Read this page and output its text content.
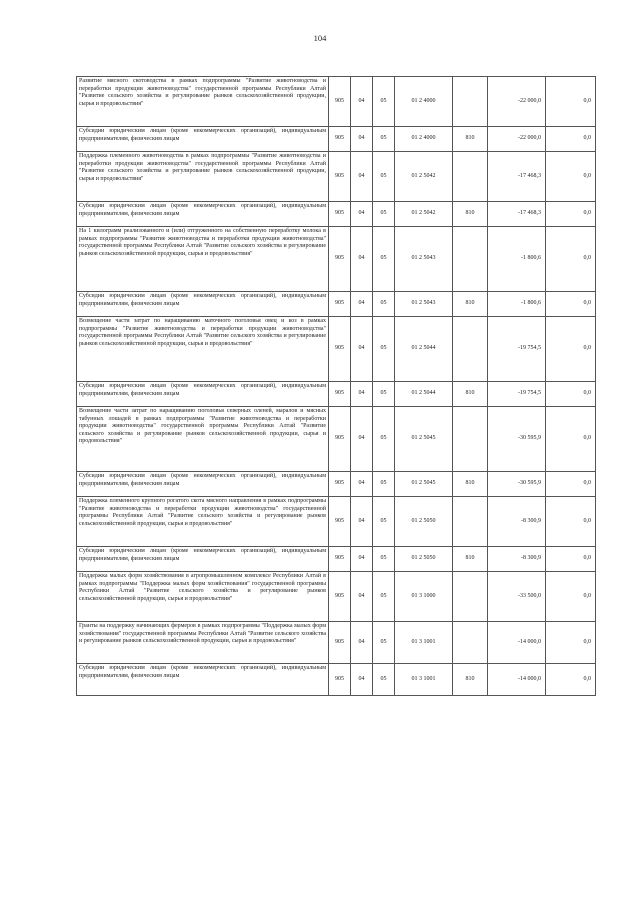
104
Развитие мясного скотоводства в рамках подпрограммы "Развитие животноводства и переработки продукции животноводства" государственной программы Республики Алтай "Развитие сельского хозяйства и регулирование рынков сельскохозяйственной продукции, сырья и продовольствия"	905	04	05	01 2 4000		-22 000,0	0,0
Субсидии юридическим лицам (кроме некоммерческих организаций), индивидуальным предпринимателям, физическим лицам	905	04	05	01 2 4000	810	-22 000,0	0,0
Поддержка племенного животноводства в рамках подпрограммы "Развитие животноводства и переработки продукции животноводства" государственной программы Республики Алтай "Развитие сельского хозяйства и регулирование рынков сельскохозяйственной продукции, сырья и продовольствия"	905	04	05	01 2 5042		-17 468,3	0,0
Субсидии юридическим лицам (кроме некоммерческих организаций), индивидуальным предпринимателям, физическим лицам	905	04	05	01 2 5042	810	-17 468,3	0,0
На 1 килограмм реализованного и (или) отгруженного на собственную переработку молока в рамках подпрограммы "Развитие животноводства и переработки продукции животноводства" государственной программы Республики Алтай "Развитие сельского хозяйства и регулирование рынков сельскохозяйственной продукции, сырья и продовольствия"	905	04	05	01 2 5043		-1 800,6	0,0
Субсидии юридическим лицам (кроме некоммерческих организаций), индивидуальным предпринимателям, физическим лицам	905	04	05	01 2 5043	810	-1 800,6	0,0
Возмещение части затрат по наращиванию маточного поголовья овец и коз в рамках подпрограммы "Развитие животноводства и переработки продукции животноводства" государственной программы Республики Алтай "Развитие сельского хозяйства и регулирование рынков сельскохозяйственной продукции, сырья и продовольствия"	905	04	05	01 2 5044		-19 754,5	0,0
Субсидии юридическим лицам (кроме некоммерческих организаций), индивидуальным предпринимателям, физическим лицам	905	04	05	01 2 5044	810	-19 754,5	0,0
Возмещение части затрат по наращиванию поголовья северных оленей, маралов и мясных табунных лошадей в рамках подпрограммы "Развитие животноводства и переработки продукции животноводства" государственной программы Республики Алтай "Развитие сельского хозяйства и регулирование рынков сельскохозяйственной продукции, сырья и продовольствия"	905	04	05	01 2 5045		-30 595,9	0,0
Субсидии юридическим лицам (кроме некоммерческих организаций), индивидуальным предпринимателям, физическим лицам	905	04	05	01 2 5045	810	-30 595,9	0,0
Поддержка племенного крупного рогатого скота мясного направления в рамках подпрограммы "Развитие животноводства и переработки продукции животноводства" государственной программы Республики Алтай "Развитие сельского хозяйства и регулирование рынков сельскохозяйственной продукции, сырья и продовольствия"	905	04	05	01 2 5050		-8 300,9	0,0
Субсидии юридическим лицам (кроме некоммерческих организаций), индивидуальным предпринимателям, физическим лицам	905	04	05	01 2 5050	810	-8 300,9	0,0
Поддержка малых форм хозяйствования в агропромышленном комплексе Республики Алтай в рамках подпрограммы "Поддержка малых форм хозяйствования" государственной программы Республики Алтай "Развитие сельского хозяйства и регулирование рынков сельскохозяйственной продукции, сырья и продовольствия"	905	04	05	01 3 1000		-33 500,0	0,0
Гранты на поддержку начинающих фермеров в рамках подпрограммы "Поддержка малых форм хозяйствования" государственной программы Республики Алтай "Развитие сельского хозяйства и регулирование рынков сельскохозяйственной продукции, сырья и продовольствия"	905	04	05	01 3 1001		-14 000,0	0,0
Субсидии юридическим лицам (кроме некоммерческих организаций), индивидуальным предпринимателям, физическим лицам	905	04	05	01 3 1001	810	-14 000,0	0,0
